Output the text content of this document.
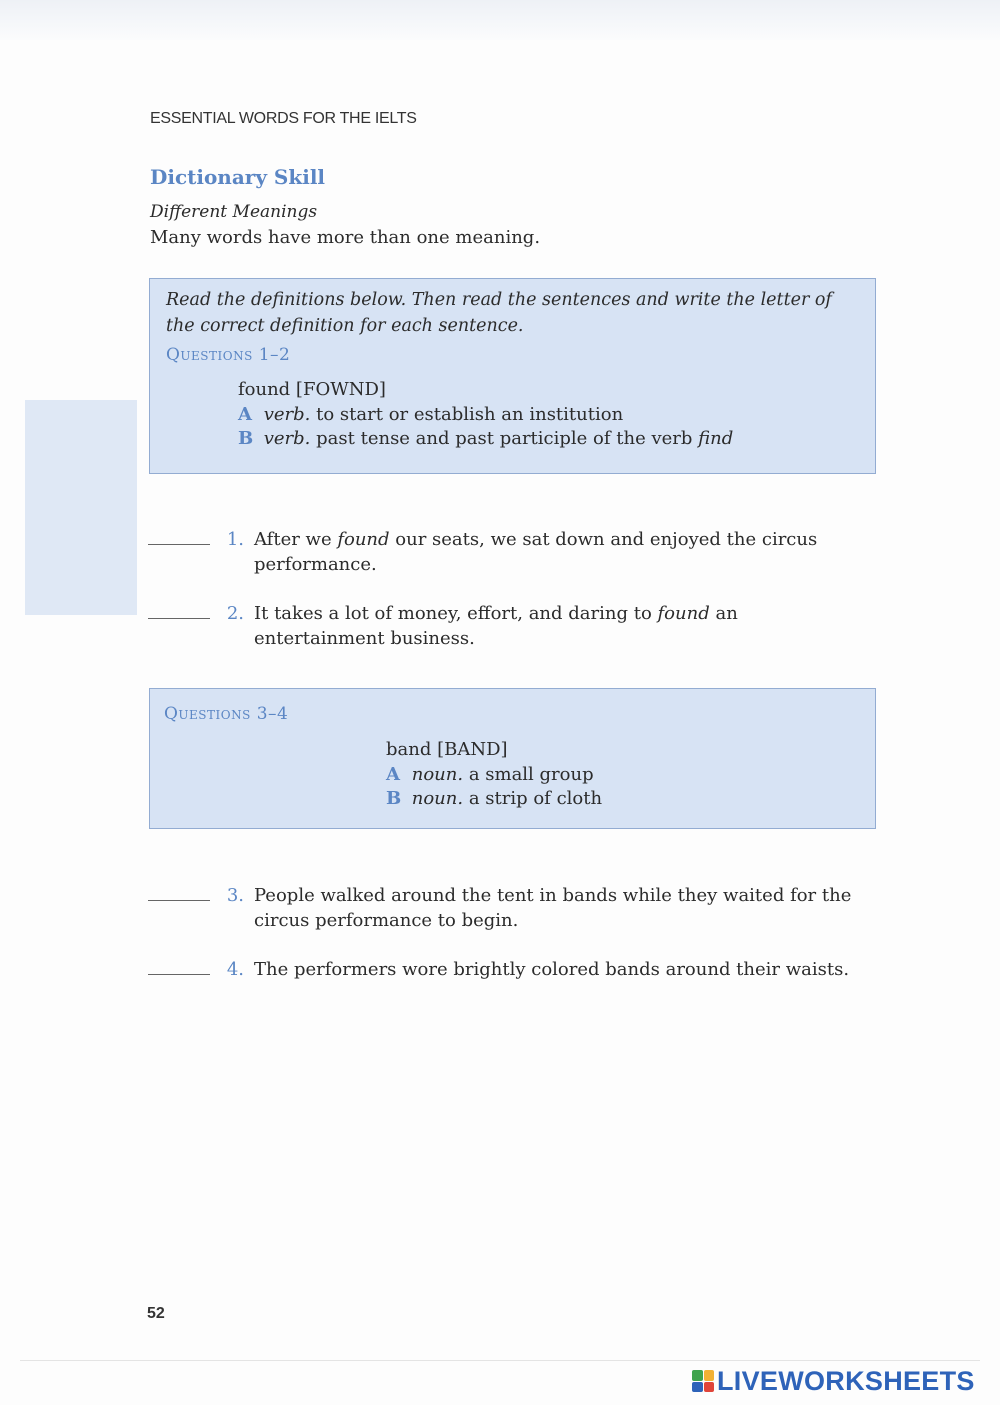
ESSENTIAL WORDS FOR THE IELTS
Dictionary Skill
Different Meanings
Many words have more than one meaning.
Read the definitions below. Then read the sentences and write the letter of the correct definition for each sentence.
Questions 1–2
found [FOWND]
A verb. to start or establish an institution
B verb. past tense and past participle of the verb find
1. After we found our seats, we sat down and enjoyed the circus performance.
2. It takes a lot of money, effort, and daring to found an entertainment business.
Questions 3–4
band [BAND]
A noun. a small group
B noun. a strip of cloth
3. People walked around the tent in bands while they waited for the circus performance to begin.
4. The performers wore brightly colored bands around their waists.
52
LIVEWORKSHEETS
